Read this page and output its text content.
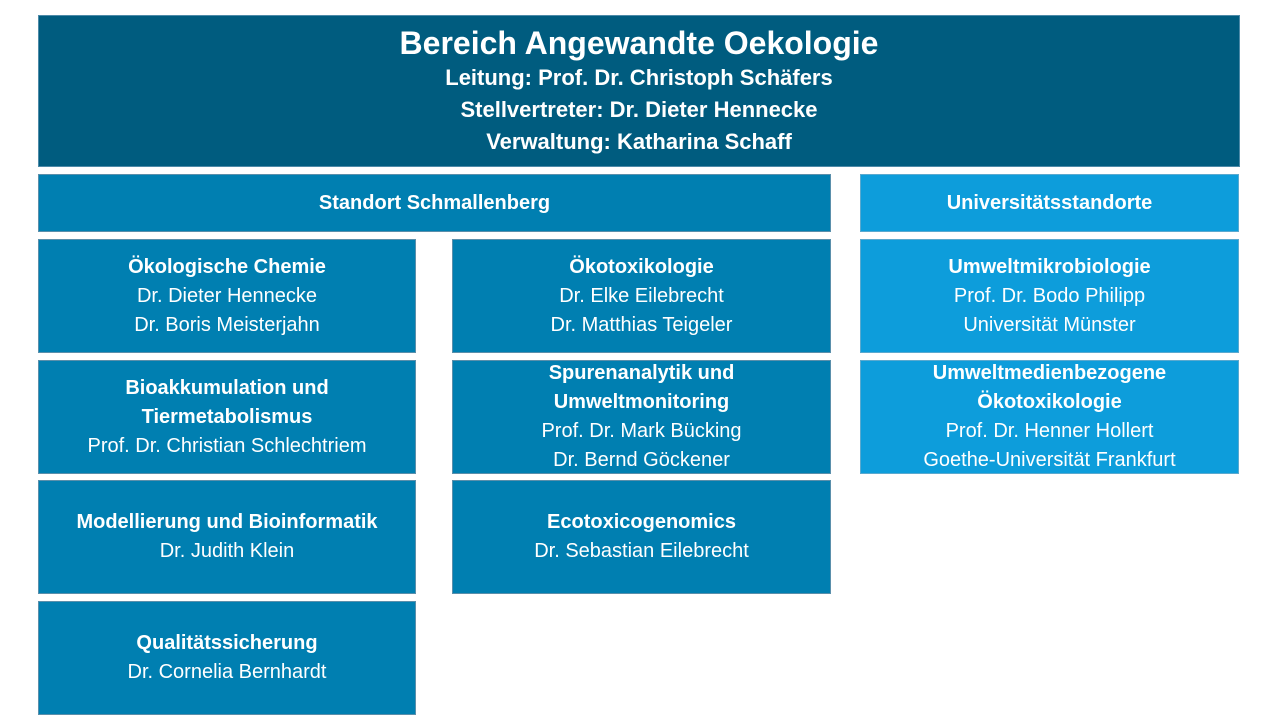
Bereich Angewandte Oekologie
Leitung: Prof. Dr. Christoph Schäfers
Stellvertreter: Dr. Dieter Hennecke
Verwaltung: Katharina Schaff
Standort Schmallenberg	Universitätsstandorte
Ökologische Chemie
Dr. Dieter Hennecke
Dr. Boris Meisterjahn
Bioakkumulation und
Tiermetabolismus
Prof. Dr. Christian Schlechtriem
Modellierung und Bioinformatik
Dr. Judith Klein
Qualitätssicherung
Dr. Cornelia Bernhardt
Ökotoxikologie
Dr. Elke Eilebrecht
Dr. Matthias Teigeler
Spurenanalytik und
Umweltmonitoring
Prof. Dr. Mark Bücking
Dr. Bernd Göckener
Ecotoxicogenomics
Dr. Sebastian Eilebrecht
Umweltmikrobiologie
Prof. Dr. Bodo Philipp
Universität Münster
Umweltmedienbezogene
Ökotoxikologie
Prof. Dr. Henner Hollert
Goethe-Universität Frankfurt
